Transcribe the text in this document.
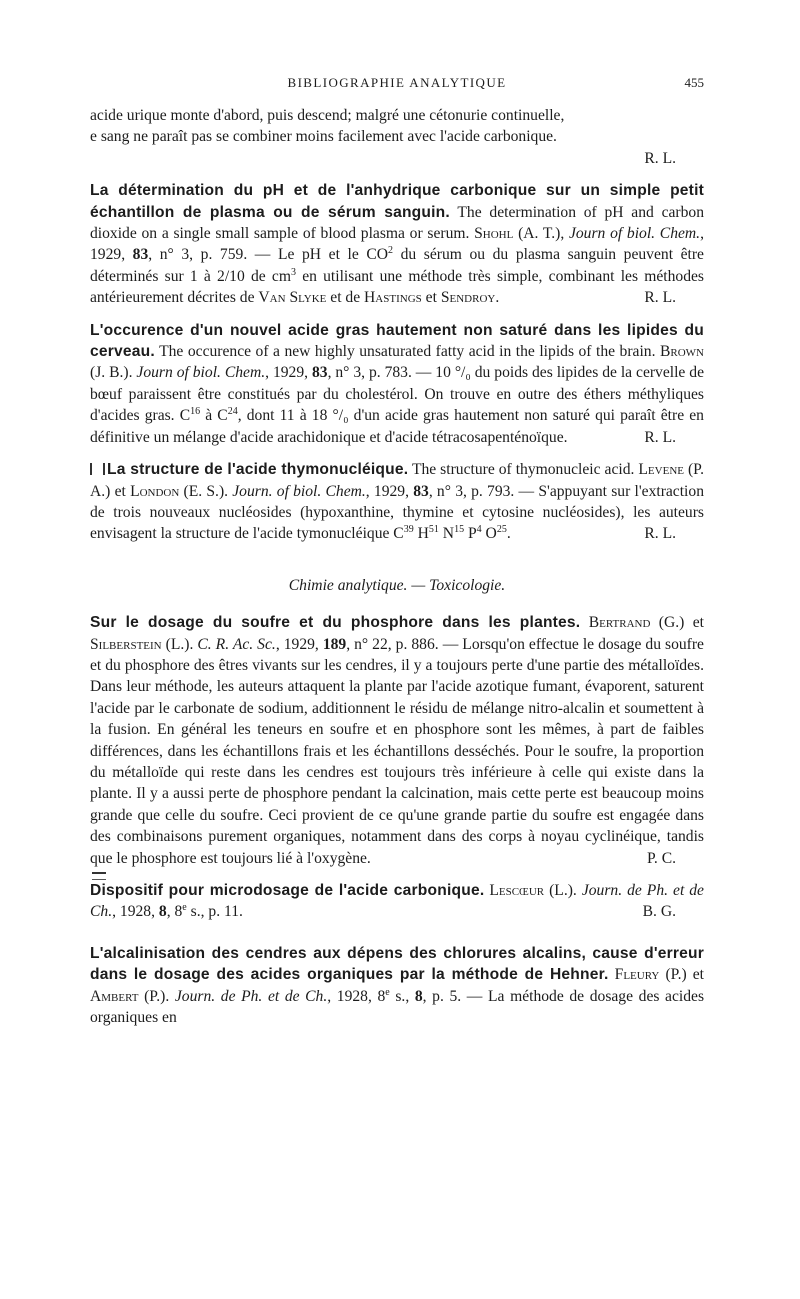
BIBLIOGRAPHIE ANALYTIQUE	455

acide urique monte d'abord, puis descend; malgré une cétonurie continuelle,

e sang ne paraît pas se combiner moins facilement avec l'acide carbonique.

R. L.

La détermination du pH et de l'anhydrique carbonique sur un simple petit échantillon de plasma ou de sérum sanguin. The determination of pH and carbon dioxide on a single small sample of blood plasma or serum. Shohl (A. T.), Journ of biol. Chem., 1929, 83, n° 3, p. 759. — Le pH et le $CO^2$ du sérum ou du plasma sanguin peuvent être déterminés sur 1 à 2/10 de $cm^3$ en utilisant une méthode très simple, combinant les méthodes antérieurement décrites de Van Slyke et de Hastings et Sendroy.	R. L.

L'occurence d'un nouvel acide gras hautement non saturé dans les lipides du cerveau. The occurence of a new highly unsaturated fatty acid in the lipids of the brain. Brown (J. B.). Journ of biol. Chem., 1929, 83, n° 3, p. 783. — 10 °/₀ du poids des lipides de la cervelle de bœuf paraissent être constitués par du cholestérol. On trouve en outre des éthers méthyliques d'acides gras. $C^{16}$ à $C^{24}$, dont 11 à 18 °/₀ d'un acide gras hautement non saturé qui paraît être en définitive un mélange d'acide arachidonique et d'acide tétracosapenténoïque.	R. L.

La structure de l'acide thymonucléique. The structure of thymonucleic acid. Levene (P. A.) et London (E. S.). Journ. of biol. Chem., 1929, 83, n° 3, p. 793. — S'appuyant sur l'extraction de trois nouveaux nucléosides (hypoxanthine, thymine et cytosine nucléosides), les auteurs envisagent la structure de l'acide tymonucléique $C^{39}$ $H^{51}$ $N^{15}$ $P^4$ $O^{25}$.	R. L.

Chimie analytique. — Toxicologie.

Sur le dosage du soufre et du phosphore dans les plantes. Bertrand (G.) et Silberstein (L.). C. R. Ac. Sc., 1929, 189, n° 22, p. 886. — Lorsqu'on effectue le dosage du soufre et du phosphore des êtres vivants sur les cendres, il y a toujours perte d'une partie des métalloïdes. Dans leur méthode, les auteurs attaquent la plante par l'acide azotique fumant, évaporent, saturent l'acide par le carbonate de sodium, additionnent le résidu de mélange nitro-alcalin et soumettent à la fusion. En général les teneurs en soufre et en phosphore sont les mêmes, à part de faibles différences, dans les échantillons frais et les échantillons desséchés. Pour le soufre, la proportion du métalloïde qui reste dans les cendres est toujours très inférieure à celle qui existe dans la plante. Il y a aussi perte de phosphore pendant la calcination, mais cette perte est beaucoup moins grande que celle du soufre. Ceci provient de ce qu'une grande partie du soufre est engagée dans des combinaisons purement organiques, notamment dans des corps à noyau cyclinéique, tandis que le phosphore est toujours lié à l'oxygène.	P. C.

Dispositif pour microdosage de l'acide carbonique. Lescœur (L.). Journ. de Ph. et de Ch., 1928, 8, 8e s., p. 11.	B. G.

L'alcalinisation des cendres aux dépens des chlorures alcalins, cause d'erreur dans le dosage des acides organiques par la méthode de Hehner. Fleury (P.) et Ambert (P.). Journ. de Ph. et de Ch., 1928, 8e s., 8, p. 5. — La méthode de dosage des acides organiques en
